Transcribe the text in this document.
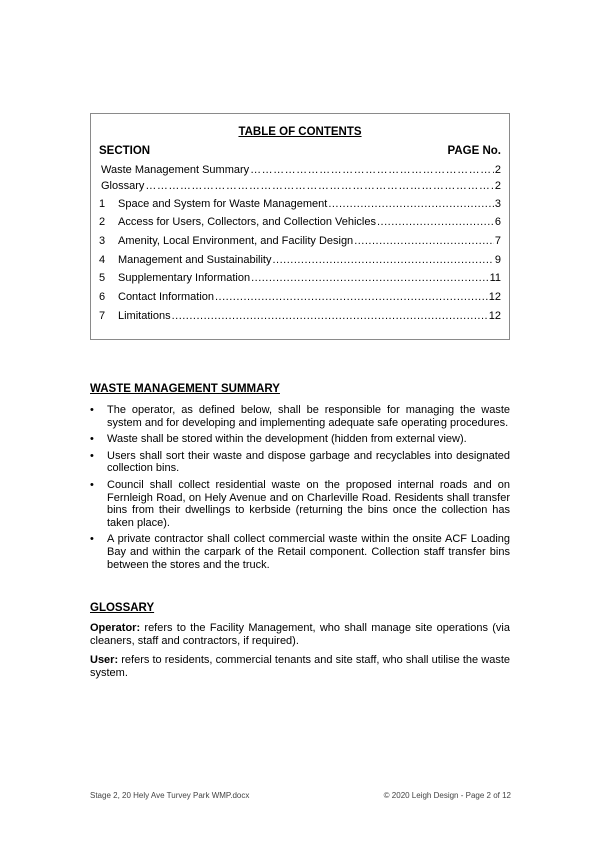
TABLE OF CONTENTS
SECTION	PAGE No.
Waste Management Summary ……………………………………………………………………………………………………………………………………	2
Glossary ……………………………………………………………………………………………………………………………………	2
1	Space and System for Waste Management .....	3
2	Access for Users, Collectors, and Collection Vehicles .....	6
3	Amenity, Local Environment, and Facility Design .....	7
4	Management and Sustainability .....	9
5	Supplementary Information .....	11
6	Contact Information .....	12
7	Limitations .....	12
WASTE MANAGEMENT SUMMARY
•	The operator, as defined below, shall be responsible for managing the waste system and for developing and implementing adequate safe operating procedures.
•	Waste shall be stored within the development (hidden from external view).
•	Users shall sort their waste and dispose garbage and recyclables into designated collection bins.
•	Council shall collect residential waste on the proposed internal roads and on Fernleigh Road, on Hely Avenue and on Charleville Road. Residents shall transfer bins from their dwellings to kerbside (returning the bins once the collection has taken place).
•	A private contractor shall collect commercial waste within the onsite ACF Loading Bay and within the carpark of the Retail component. Collection staff transfer bins between the stores and the truck.
GLOSSARY
Operator: refers to the Facility Management, who shall manage site operations (via cleaners, staff and contractors, if required).
User: refers to residents, commercial tenants and site staff, who shall utilise the waste system.
Stage 2, 20 Hely Ave Turvey Park WMP.docx	© 2020 Leigh Design - Page 2 of 12
